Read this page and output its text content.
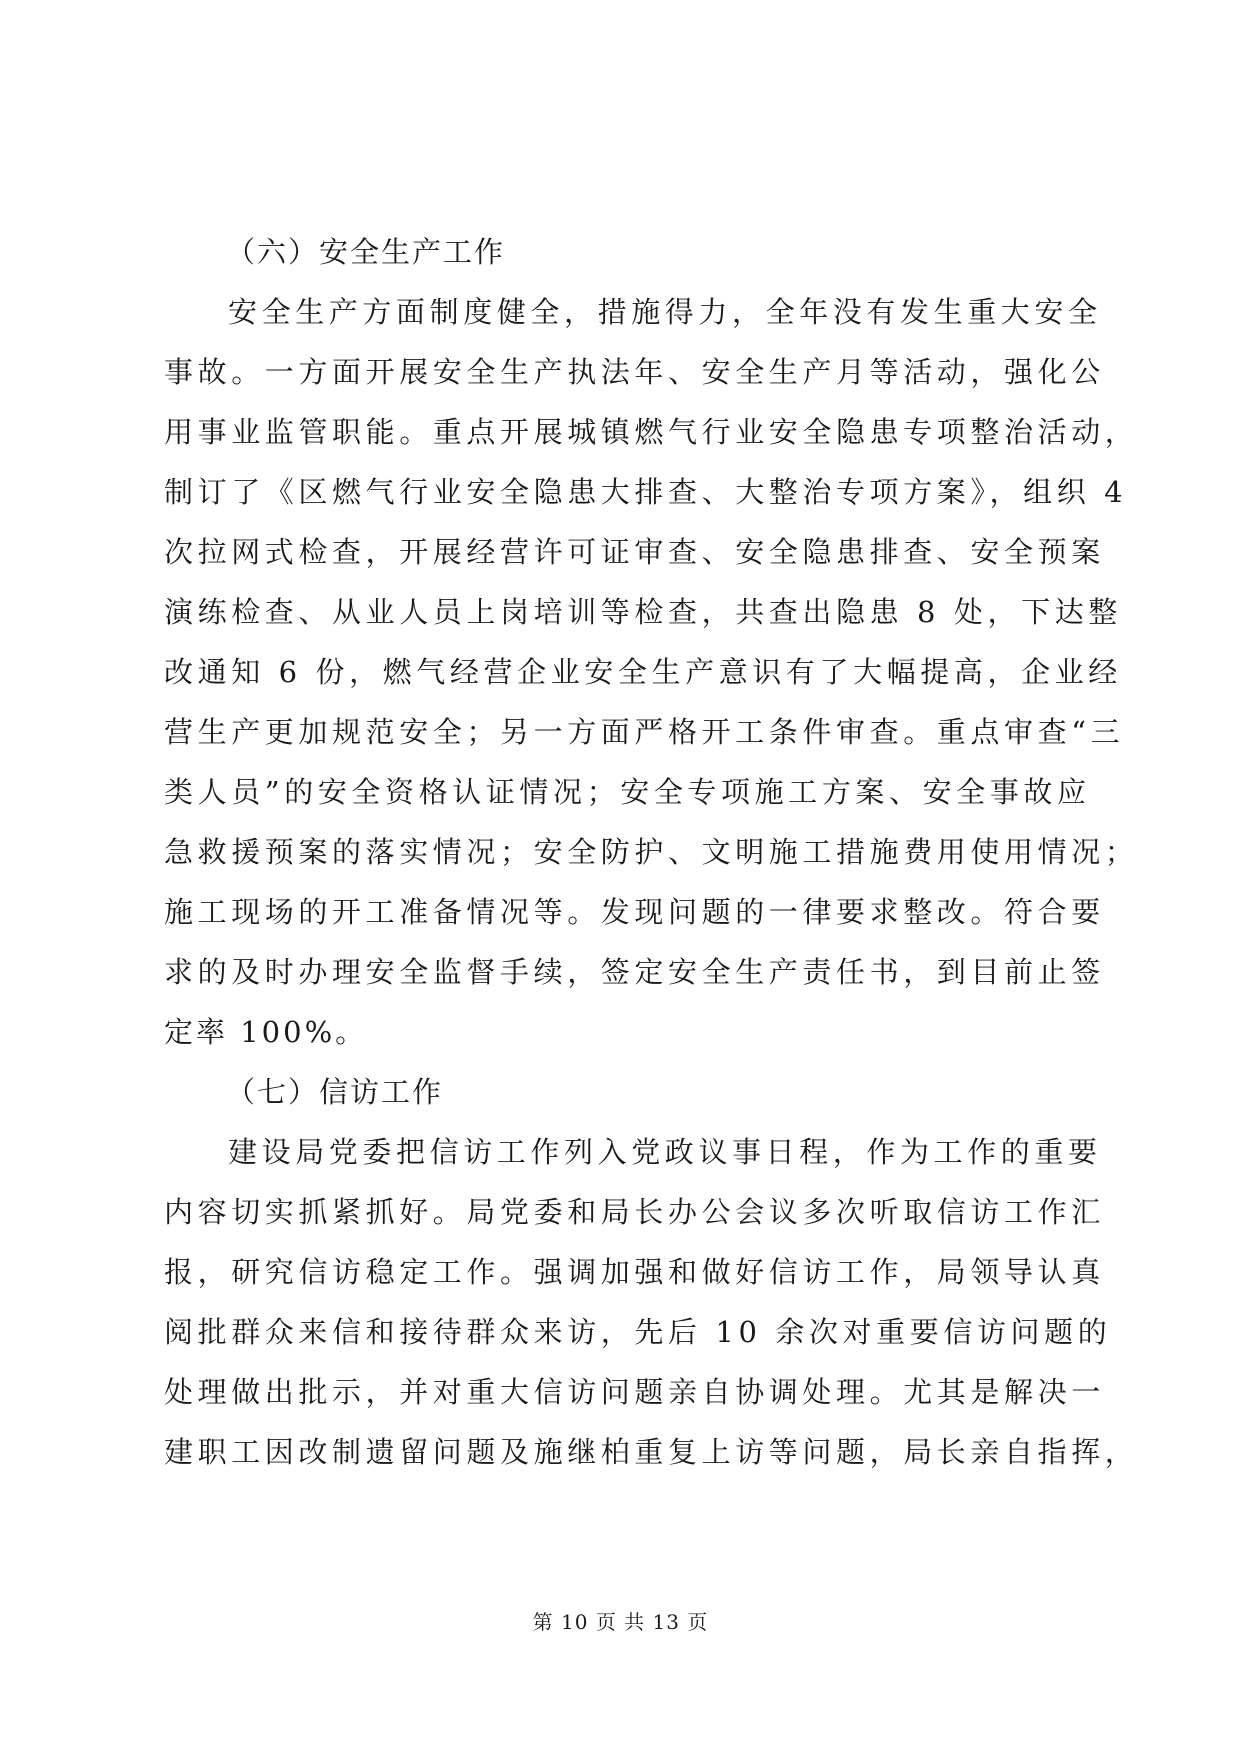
（六）安全生产工作
安全生产方面制度健全，措施得力，全年没有发生重大安全
事故。一方面开展安全生产执法年、安全生产月等活动，强化公
用事业监管职能。重点开展城镇燃气行业安全隐患专项整治活动，
制订了《区燃气行业安全隐患大排查、大整治专项方案》，组织 4
次拉网式检查，开展经营许可证审查、安全隐患排查、安全预案
演练检查、从业人员上岗培训等检查，共查出隐患 8 处，下达整
改通知 6 份，燃气经营企业安全生产意识有了大幅提高，企业经
营生产更加规范安全；另一方面严格开工条件审查。重点审查“三
类人员”的安全资格认证情况；安全专项施工方案、安全事故应
急救援预案的落实情况；安全防护、文明施工措施费用使用情况；
施工现场的开工准备情况等。发现问题的一律要求整改。符合要
求的及时办理安全监督手续，签定安全生产责任书，到目前止签
定率 100%。
（七）信访工作
建设局党委把信访工作列入党政议事日程，作为工作的重要
内容切实抓紧抓好。局党委和局长办公会议多次听取信访工作汇
报，研究信访稳定工作。强调加强和做好信访工作，局领导认真
阅批群众来信和接待群众来访，先后 10 余次对重要信访问题的
处理做出批示，并对重大信访问题亲自协调处理。尤其是解决一
建职工因改制遗留问题及施继柏重复上访等问题，局长亲自指挥，
第 10 页 共 13 页
